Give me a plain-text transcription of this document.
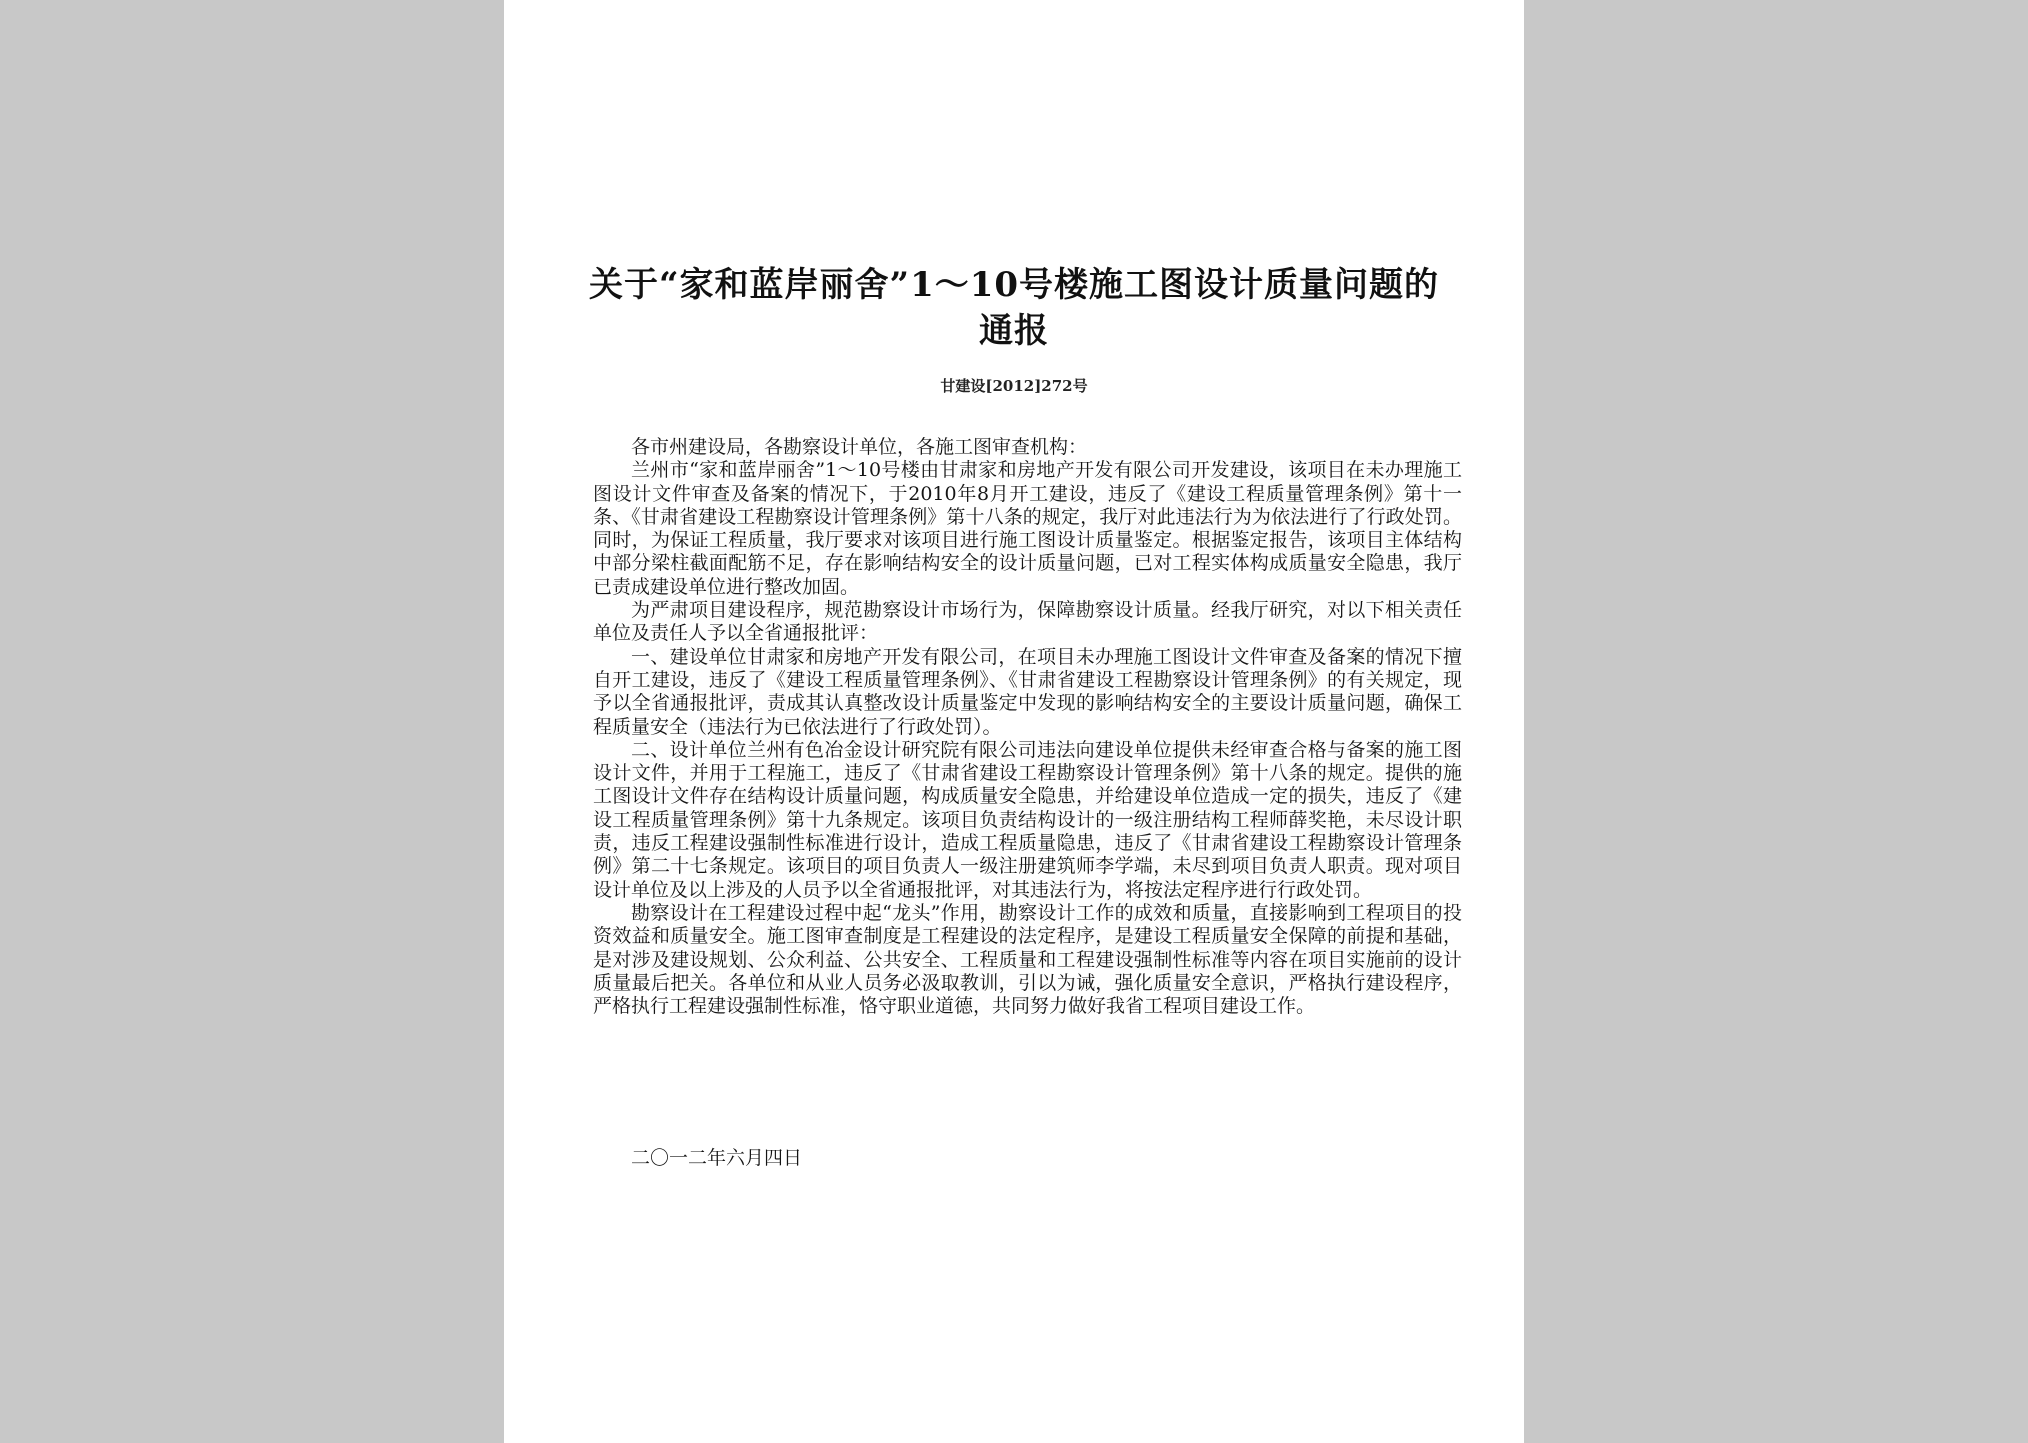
关于“家和蓝岸丽舍”1～10号楼施工图设计质量问题的
通报
甘建设[2012]272号

各市州建设局，各勘察设计单位，各施工图审查机构：

兰州市“家和蓝岸丽舍”1～10号楼由甘肃家和房地产开发有限公司开发建设，该项目在未办理施工图设计文件审查及备案的情况下，于2010年8月开工建设，违反了《建设工程质量管理条例》第十一条、《甘肃省建设工程勘察设计管理条例》第十八条的规定，我厅对此违法行为为依法进行了行政处罚。同时，为保证工程质量，我厅要求对该项目进行施工图设计质量鉴定。根据鉴定报告，该项目主体结构中部分梁柱截面配筋不足，存在影响结构安全的设计质量问题，已对工程实体构成质量安全隐患，我厅已责成建设单位进行整改加固。

为严肃项目建设程序，规范勘察设计市场行为，保障勘察设计质量。经我厅研究，对以下相关责任单位及责任人予以全省通报批评：

一、建设单位甘肃家和房地产开发有限公司，在项目未办理施工图设计文件审查及备案的情况下擅自开工建设，违反了《建设工程质量管理条例》、《甘肃省建设工程勘察设计管理条例》的有关规定，现予以全省通报批评，责成其认真整改设计质量鉴定中发现的影响结构安全的主要设计质量问题，确保工程质量安全（违法行为已依法进行了行政处罚）。

二、设计单位兰州有色冶金设计研究院有限公司违法向建设单位提供未经审查合格与备案的施工图设计文件，并用于工程施工，违反了《甘肃省建设工程勘察设计管理条例》第十八条的规定。提供的施工图设计文件存在结构设计质量问题，构成质量安全隐患，并给建设单位造成一定的损失，违反了《建设工程质量管理条例》第十九条规定。该项目负责结构设计的一级注册结构工程师薛奖艳，未尽设计职责，违反工程建设强制性标准进行设计，造成工程质量隐患，违反了《甘肃省建设工程勘察设计管理条例》第二十七条规定。该项目的项目负责人一级注册建筑师李学端，未尽到项目负责人职责。现对项目设计单位及以上涉及的人员予以全省通报批评，对其违法行为，将按法定程序进行行政处罚。

勘察设计在工程建设过程中起“龙头”作用，勘察设计工作的成效和质量，直接影响到工程项目的投资效益和质量安全。施工图审查制度是工程建设的法定程序，是建设工程质量安全保障的前提和基础，是对涉及建设规划、公众利益、公共安全、工程质量和工程建设强制性标准等内容在项目实施前的设计质量最后把关。各单位和从业人员务必汲取教训，引以为诫，强化质量安全意识，严格执行建设程序，严格执行工程建设强制性标准，恪守职业道德，共同努力做好我省工程项目建设工作。

二〇一二年六月四日
